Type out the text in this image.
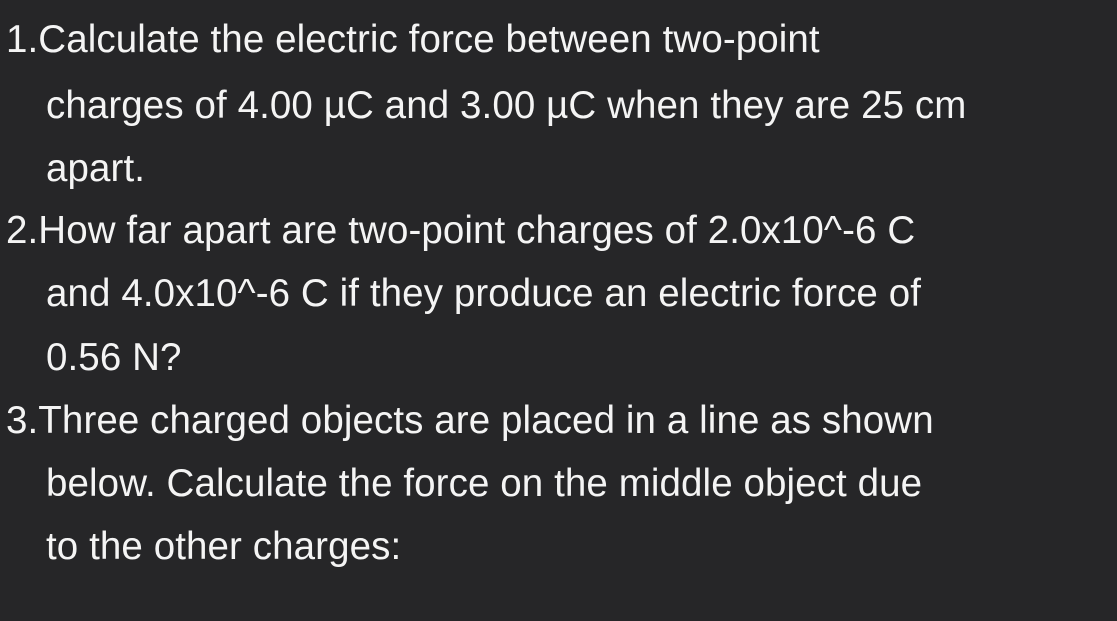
1.Calculate the electric force between two-point
charges of 4.00 µC and 3.00 µC when they are 25 cm
apart.
2.How far apart are two-point charges of 2.0x10^-6 C
and 4.0x10^-6 C if they produce an electric force of
0.56 N?
3.Three charged objects are placed in a line as shown
below. Calculate the force on the middle object due
to the other charges:
